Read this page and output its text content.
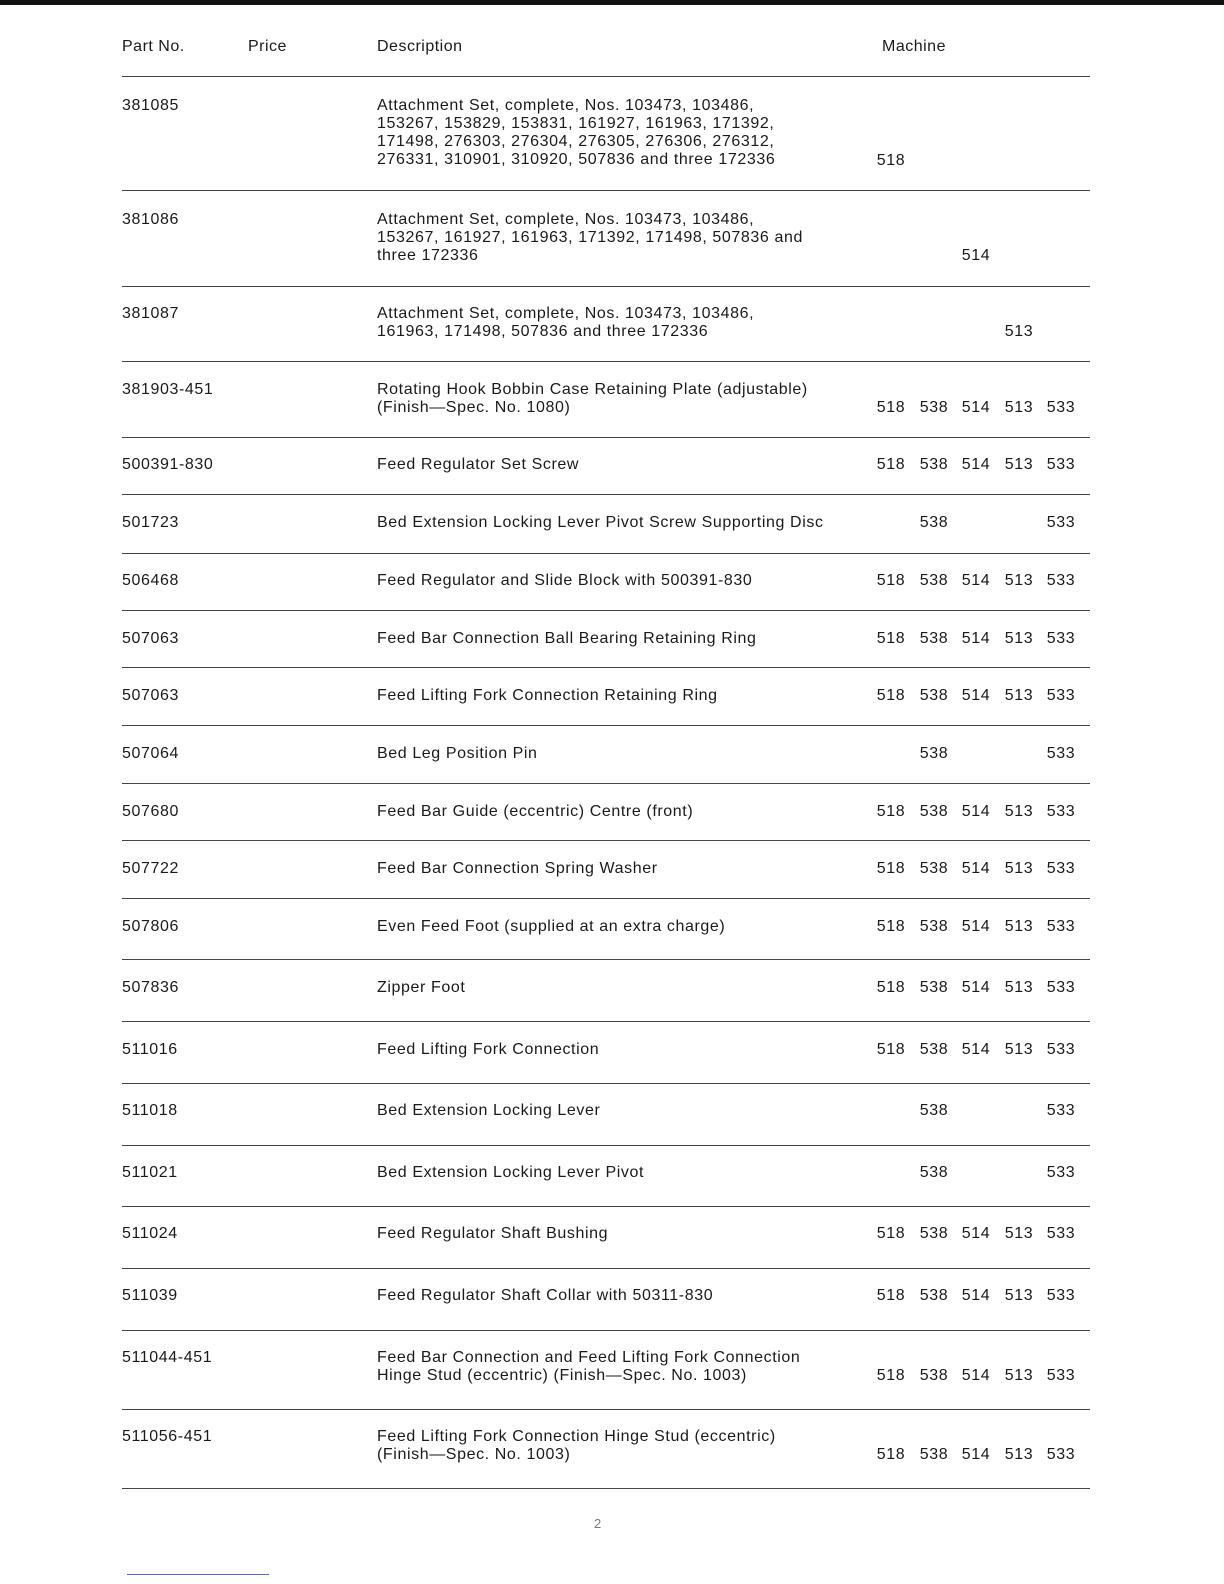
Part No.	Price	Description	Machine
381085	Attachment Set, complete, Nos. 103473, 103486,
153267, 153829, 153831, 161927, 161963, 171392,
171498, 276303, 276304, 276305, 276306, 276312,
276331, 310901, 310920, 507836 and three 172336	518
381086	Attachment Set, complete, Nos. 103473, 103486,
153267, 161927, 161963, 171392, 171498, 507836 and
three 172336	514
381087	Attachment Set, complete, Nos. 103473, 103486,
161963, 171498, 507836 and three 172336	513
381903-451	Rotating Hook Bobbin Case Retaining Plate (adjustable)
(Finish—Spec. No. 1080)	518 538 514 513 533
500391-830	Feed Regulator Set Screw	518 538 514 513 533
501723	Bed Extension Locking Lever Pivot Screw Supporting Disc	538	533
506468	Feed Regulator and Slide Block with 500391-830	518 538 514 513 533
507063	Feed Bar Connection Ball Bearing Retaining Ring	518 538 514 513 533
507063	Feed Lifting Fork Connection Retaining Ring	518 538 514 513 533
507064	Bed Leg Position Pin	538	533
507680	Feed Bar Guide (eccentric) Centre (front)	518 538 514 513 533
507722	Feed Bar Connection Spring Washer	518 538 514 513 533
507806	Even Feed Foot (supplied at an extra charge)	518 538 514 513 533
507836	Zipper Foot	518 538 514 513 533
511016	Feed Lifting Fork Connection	518 538 514 513 533
511018	Bed Extension Locking Lever	538	533
511021	Bed Extension Locking Lever Pivot	538	533
511024	Feed Regulator Shaft Bushing	518 538 514 513 533
511039	Feed Regulator Shaft Collar with 50311-830	518 538 514 513 533
511044-451	Feed Bar Connection and Feed Lifting Fork Connection
Hinge Stud (eccentric) (Finish—Spec. No. 1003)	518 538 514 513 533
511056-451	Feed Lifting Fork Connection Hinge Stud (eccentric)
(Finish—Spec. No. 1003)	518 538 514 513 533
2
